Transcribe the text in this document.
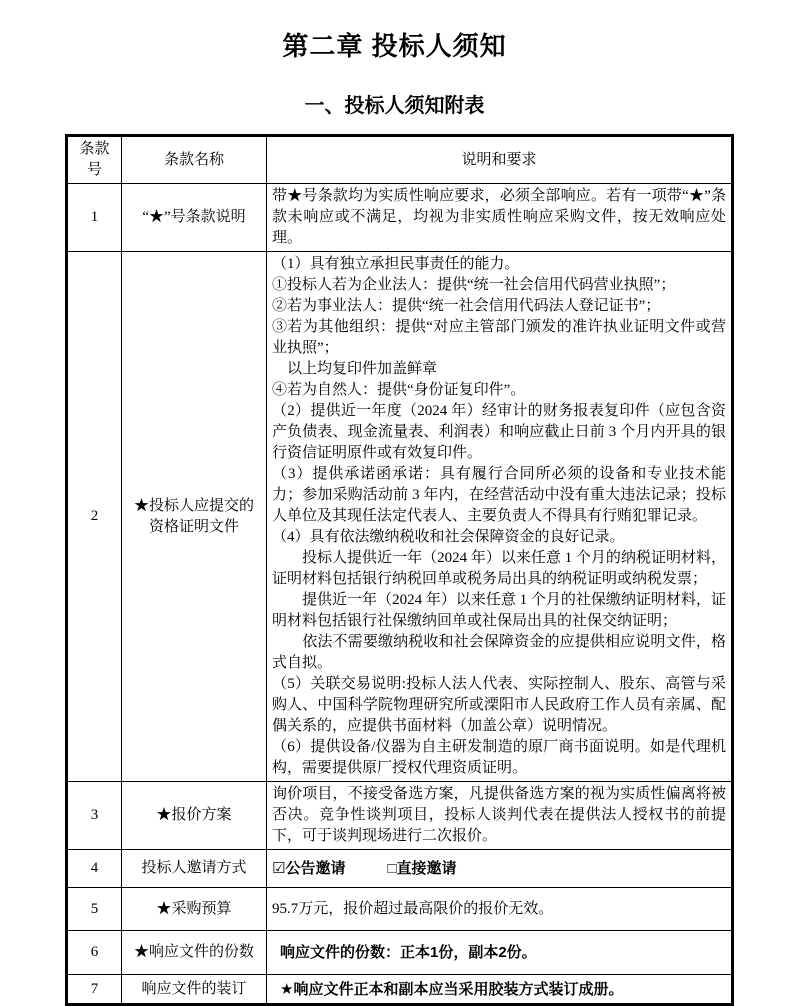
第二章 投标人须知
一、投标人须知附表
条款号	条款名称	说明和要求
1	“★”号条款说明	带★号条款均为实质性响应要求，必须全部响应。若有一项带“★”条款未响应或不满足，均视为非实质性响应采购文件，按无效响应处理。

2	★投标人应提交的资格证明文件	
（1）具有独立承担民事责任的能力。
①投标人若为企业法人：提供“统一社会信用代码营业执照”；
②若为事业法人：提供“统一社会信用代码法人登记证书”；
③若为其他组织：提供“对应主管部门颁发的准许执业证明文件或营业执照”；
　以上均复印件加盖鲜章
④若为自然人：提供“身份证复印件”。
（2）提供近一年度（2024 年）经审计的财务报表复印件（应包含资产负债表、现金流量表、利润表）和响应截止日前 3 个月内开具的银行资信证明原件或有效复印件。
（3）提供承诺函承诺：具有履行合同所必须的设备和专业技术能力；参加采购活动前 3 年内，在经营活动中没有重大违法记录；投标人单位及其现任法定代表人、主要负责人不得具有行贿犯罪记录。
（4）具有依法缴纳税收和社会保障资金的良好记录。
　　投标人提供近一年（2024 年）以来任意 1 个月的纳税证明材料，证明材料包括银行纳税回单或税务局出具的纳税证明或纳税发票；
　　提供近一年（2024 年）以来任意 1 个月的社保缴纳证明材料，证明材料包括银行社保缴纳回单或社保局出具的社保交纳证明；
　　依法不需要缴纳税收和社会保障资金的应提供相应说明文件，格式自拟。
（5）关联交易说明:投标人法人代表、实际控制人、股东、高管与采购人、中国科学院物理研究所或溧阳市人民政府工作人员有亲属、配偶关系的，应提供书面材料（加盖公章）说明情况。
（6）提供设备/仪器为自主研发制造的原厂商书面说明。如是代理机构，需要提供原厂授权代理资质证明。

3	★报价方案	询价项目，不接受备选方案，凡提供备选方案的视为实质性偏离将被否决。竞争性谈判项目，投标人谈判代表在提供法人授权书的前提下，可于谈判现场进行二次报价。

4	投标人邀请方式	☑公告邀请 □直接邀请
5	★采购预算	95.7万元，报价超过最高限价的报价无效。

6	★响应文件的份数	响应文件的份数：正本1份，副本2份。

7	响应文件的装订	★响应文件正本和副本应当采用胶装方式装订成册。
